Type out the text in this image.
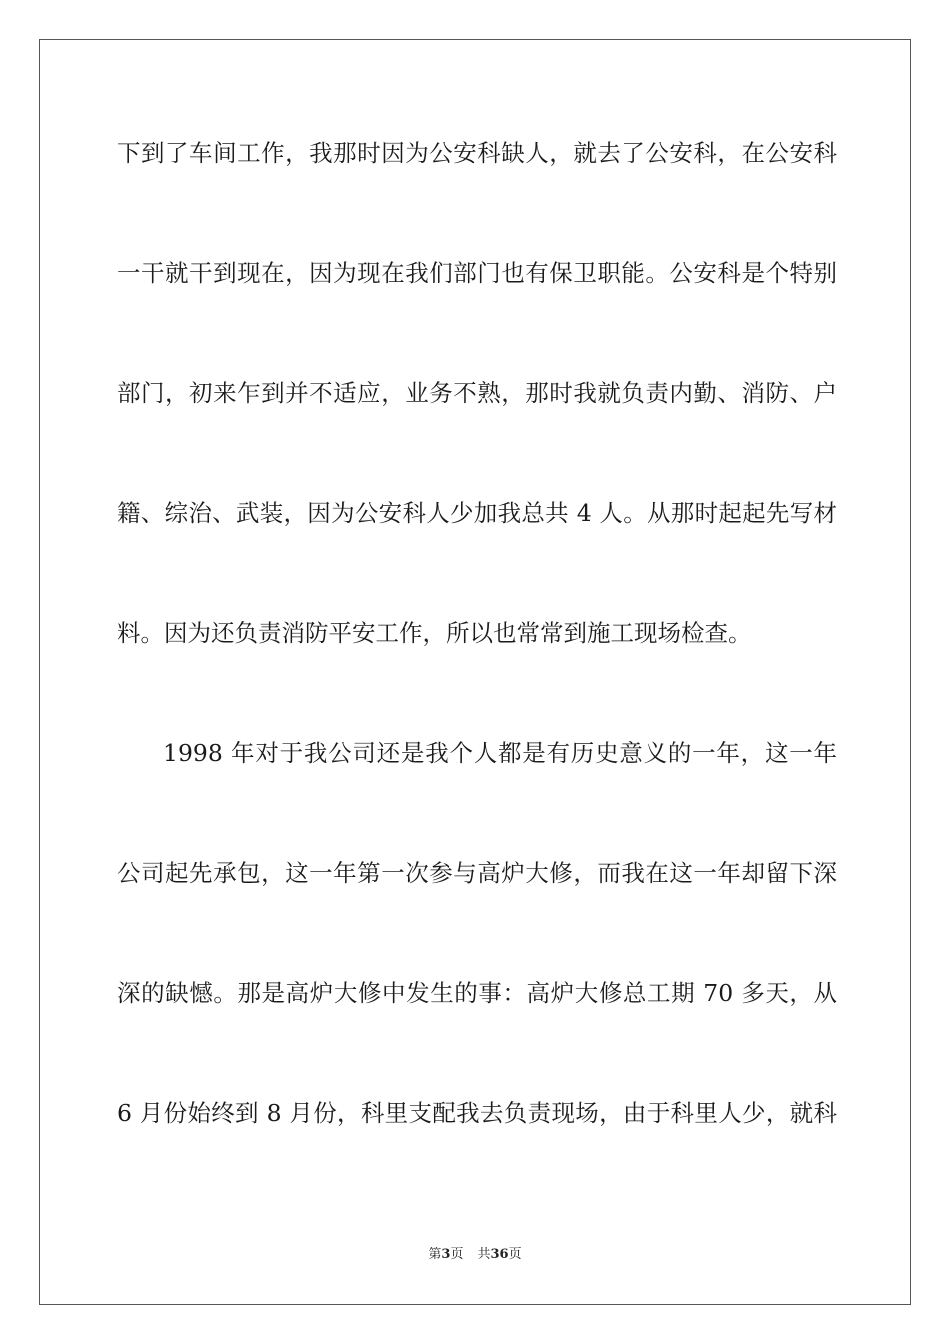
下到了车间工作，我那时因为公安科缺人，就去了公安科，在公安科
一干就干到现在，因为现在我们部门也有保卫职能。公安科是个特别
部门，初来乍到并不适应，业务不熟，那时我就负责内勤、消防、户
籍、综治、武装，因为公安科人少加我总共 4 人。从那时起起先写材
料。因为还负责消防平安工作，所以也常常到施工现场检查。
1998 年对于我公司还是我个人都是有历史意义的一年，这一年
公司起先承包，这一年第一次参与高炉大修，而我在这一年却留下深
深的缺憾。那是高炉大修中发生的事：高炉大修总工期 70 多天，从
6 月份始终到 8 月份，科里支配我去负责现场，由于科里人少，就科
第3页 共36页
